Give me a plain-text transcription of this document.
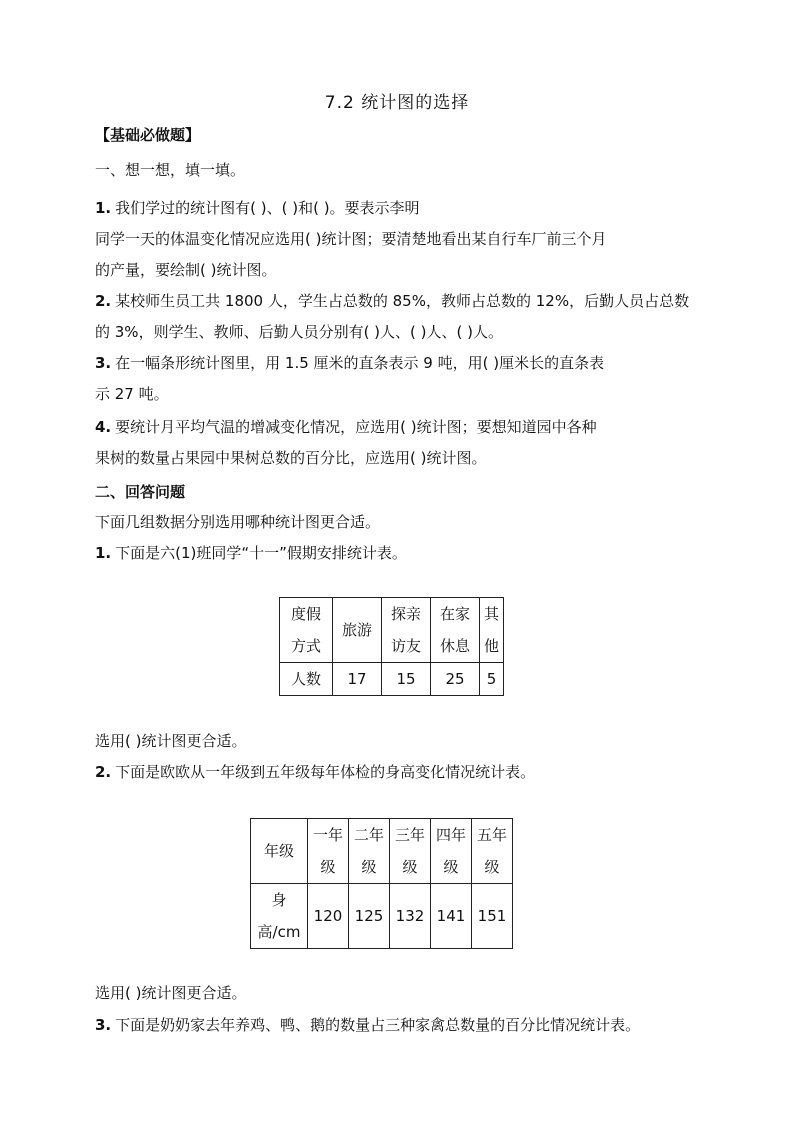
7.2 统计图的选择
【基础必做题】
一、想一想，填一填。
1. 我们学过的统计图有( )、( )和( )。要表示李明
同学一天的体温变化情况应选用( )统计图；要清楚地看出某自行车厂前三个月
的产量，要绘制( )统计图。
2. 某校师生员工共 1800 人，学生占总数的 85%，教师占总数的 12%，后勤人员占总数
的 3%，则学生、教师、后勤人员分别有( )人、( )人、( )人。
3. 在一幅条形统计图里，用 1.5 厘米的直条表示 9 吨，用( )厘米长的直条表
示 27 吨。
4. 要统计月平均气温的增减变化情况，应选用( )统计图；要想知道园中各种
果树的数量占果园中果树总数的百分比，应选用( )统计图。
二、回答问题
下面几组数据分别选用哪种统计图更合适。
1. 下面是六(1)班同学“十一”假期安排统计表。
度假方式	旅游	探亲访友	在家休息	其他
人数	17	15	25	5
选用( )统计图更合适。
2. 下面是欧欧从一年级到五年级每年体检的身高变化情况统计表。
年级	一年级	二年级	三年级	四年级	五年级
身高/cm	120	125	132	141	151
选用( )统计图更合适。
3. 下面是奶奶家去年养鸡、鸭、鹅的数量占三种家禽总数量的百分比情况统计表。
